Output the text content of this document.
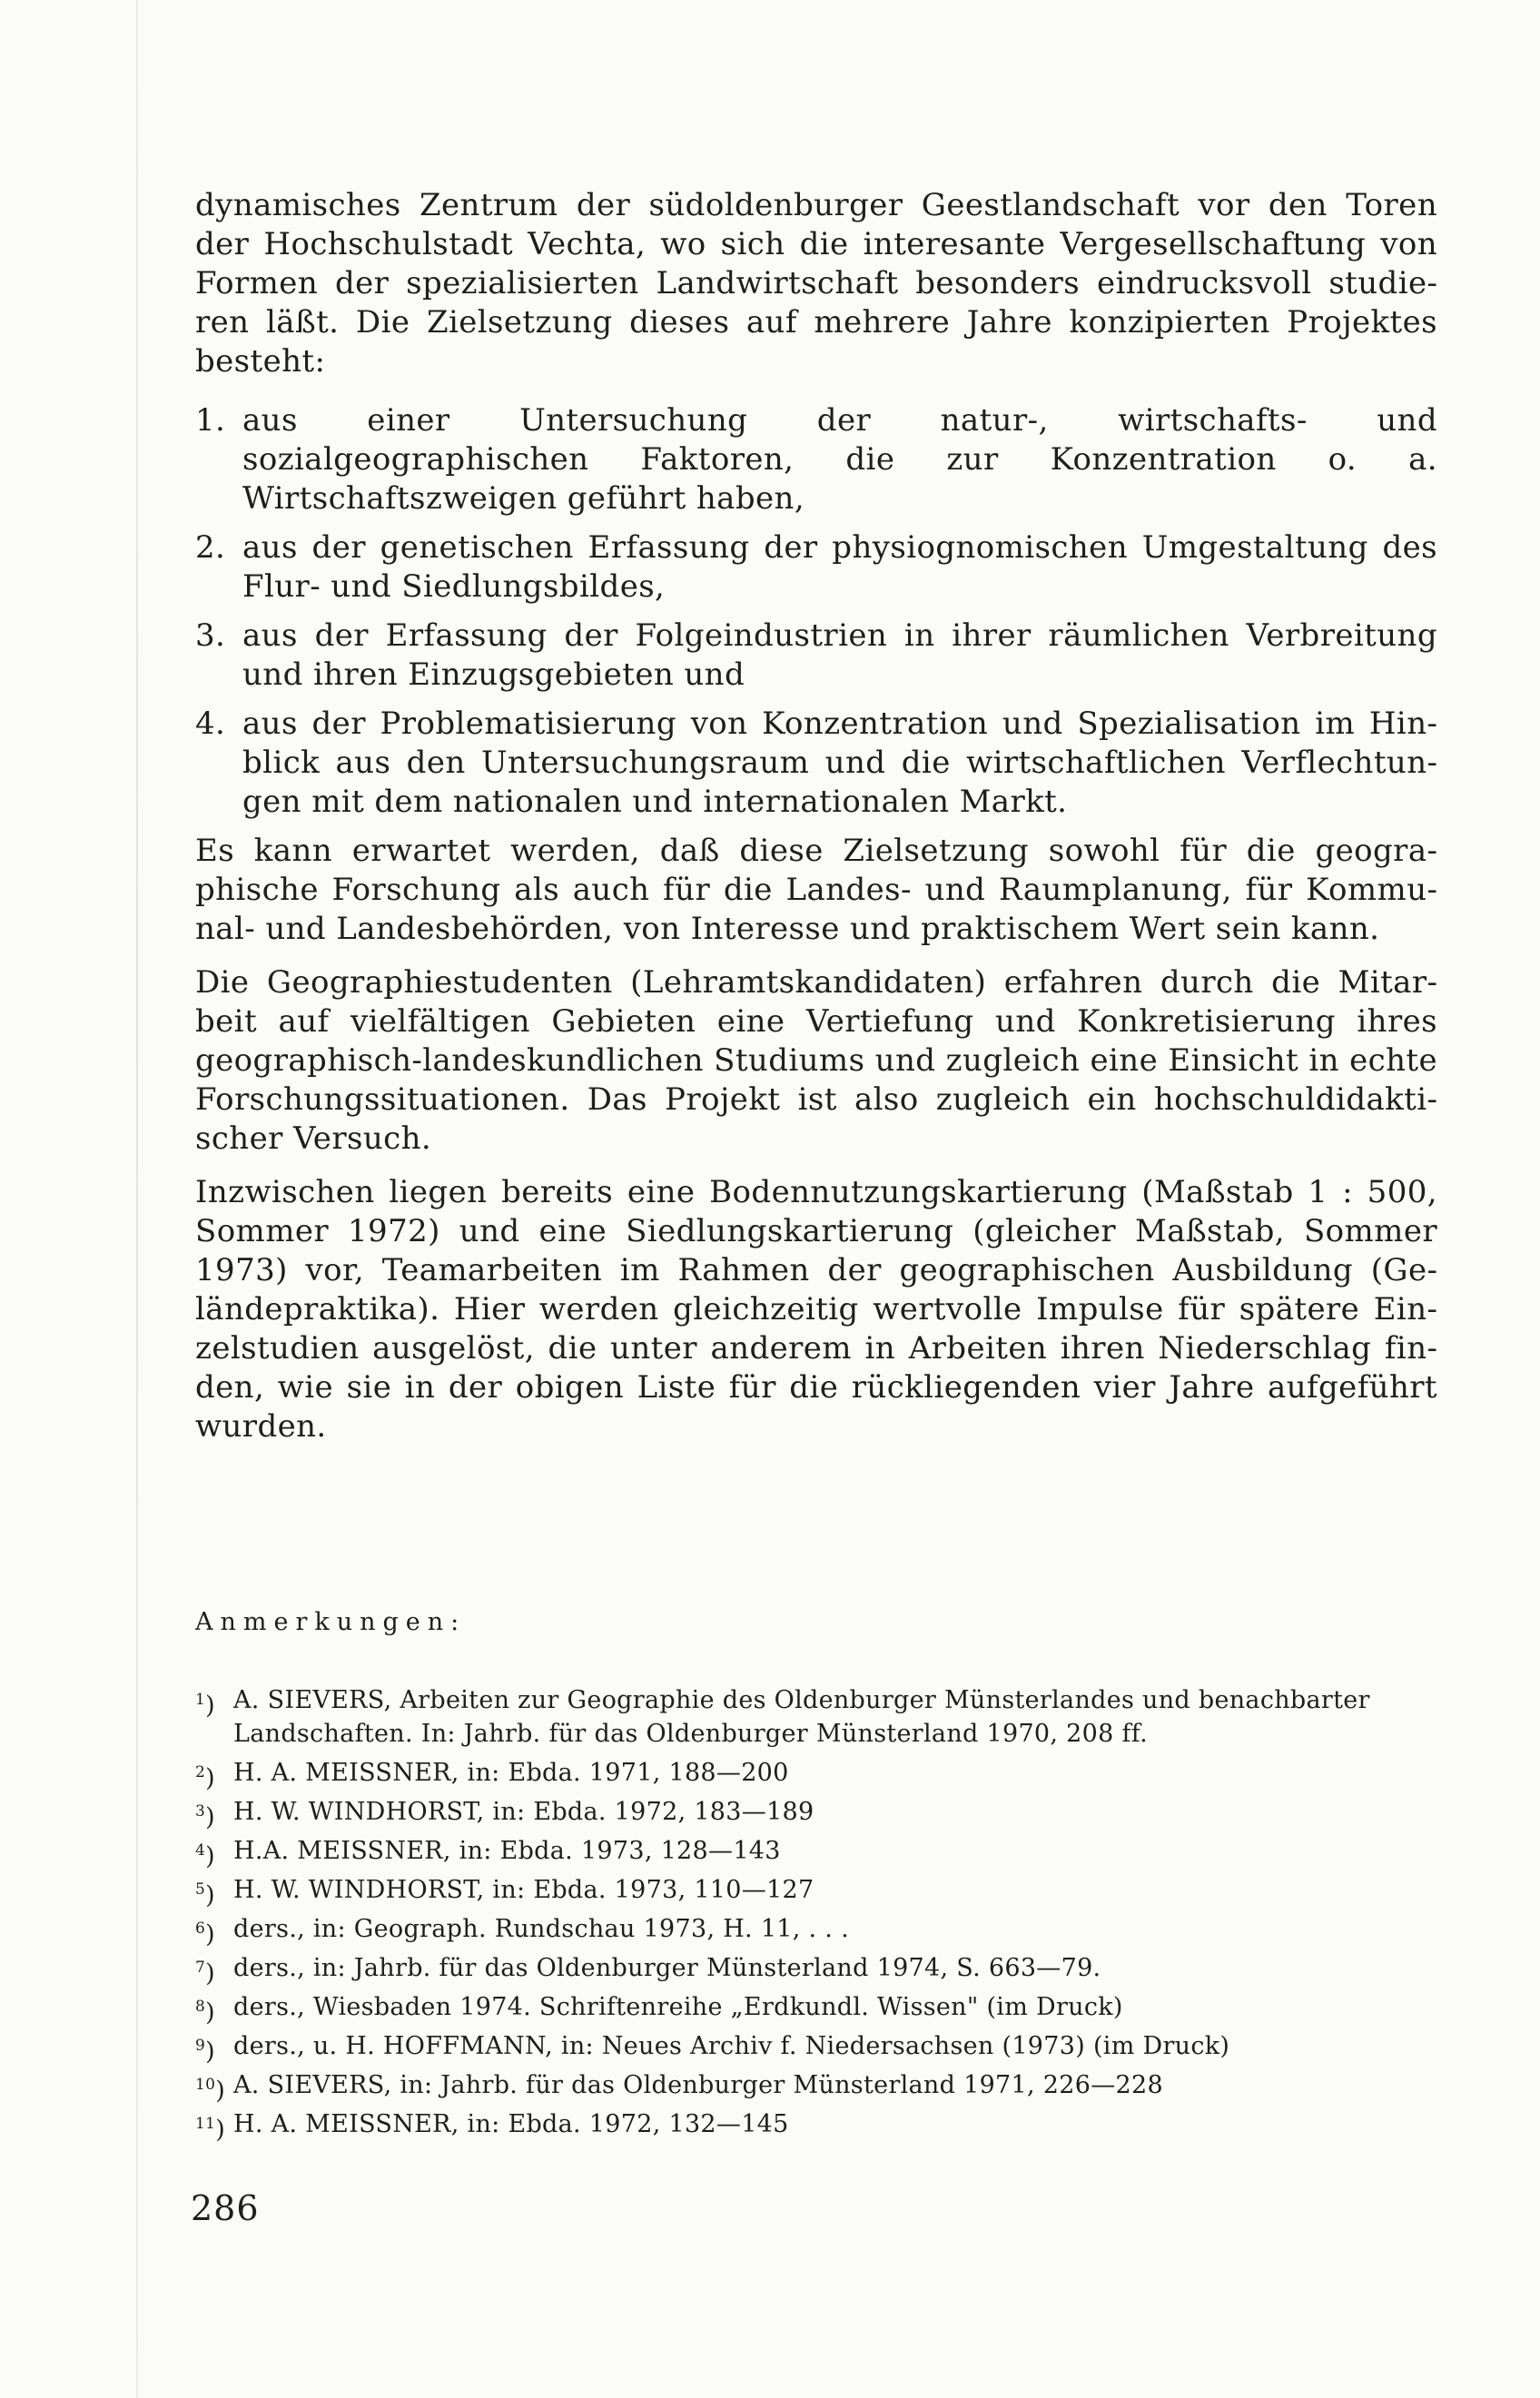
dynamisches Zentrum der südoldenburger Geestlandschaft vor den Toren der Hochschulstadt Vechta, wo sich die interesante Vergesellschaftung von Formen der spezialisierten Landwirtschaft besonders eindrucksvoll studieren läßt. Die Zielsetzung dieses auf mehrere Jahre konzipierten Projektes besteht:

1. aus einer Untersuchung der natur-, wirtschafts- und sozialgeographischen Faktoren, die zur Konzentration o. a. Wirtschaftszweigen geführt haben,
2. aus der genetischen Erfassung der physiognomischen Umgestaltung des Flur- und Siedlungsbildes,
3. aus der Erfassung der Folgeindustrien in ihrer räumlichen Verbreitung und ihren Einzugsgebieten und
4. aus der Problematisierung von Konzentration und Spezialisation im Hinblick aus den Untersuchungsraum und die wirtschaftlichen Verflechtungen mit dem nationalen und internationalen Markt.

Es kann erwartet werden, daß diese Zielsetzung sowohl für die geographische Forschung als auch für die Landes- und Raumplanung, für Kommunal- und Landesbehörden, von Interesse und praktischem Wert sein kann.

Die Geographiestudenten (Lehramtskandidaten) erfahren durch die Mitarbeit auf vielfältigen Gebieten eine Vertiefung und Konkretisierung ihres geographisch-landeskundlichen Studiums und zugleich eine Einsicht in echte Forschungssituationen. Das Projekt ist also zugleich ein hochschuldidaktischer Versuch.

Inzwischen liegen bereits eine Bodennutzungskartierung (Maßstab 1 : 500, Sommer 1972) und eine Siedlungskartierung (gleicher Maßstab, Sommer 1973) vor, Teamarbeiten im Rahmen der geographischen Ausbildung (Geländepraktika). Hier werden gleichzeitig wertvolle Impulse für spätere Einzelstudien ausgelöst, die unter anderem in Arbeiten ihren Niederschlag finden, wie sie in der obigen Liste für die rückliegenden vier Jahre aufgeführt wurden.

Anmerkungen:
$^1$) A. SIEVERS, Arbeiten zur Geographie des Oldenburger Münsterlandes und benachbarter Landschaften. In: Jahrb. für das Oldenburger Münsterland 1970, 208 ff.
$^2$) H. A. MEISSNER, in: Ebda. 1971, 188—200
$^3$) H. W. WINDHORST, in: Ebda. 1972, 183—189
$^4$) H.A. MEISSNER, in: Ebda. 1973, 128—143
$^5$) H. W. WINDHORST, in: Ebda. 1973, 110—127
$^6$) ders., in: Geograph. Rundschau 1973, H. 11, . . .
$^7$) ders., in: Jahrb. für das Oldenburger Münsterland 1974, S. 663—79.
$^8$) ders., Wiesbaden 1974. Schriftenreihe „Erdkundl. Wissen" (im Druck)
$^9$) ders., u. H. HOFFMANN, in: Neues Archiv f. Niedersachsen (1973) (im Druck)
$^{10}$) A. SIEVERS, in: Jahrb. für das Oldenburger Münsterland 1971, 226—228
$^{11}$) H. A. MEISSNER, in: Ebda. 1972, 132—145
286
